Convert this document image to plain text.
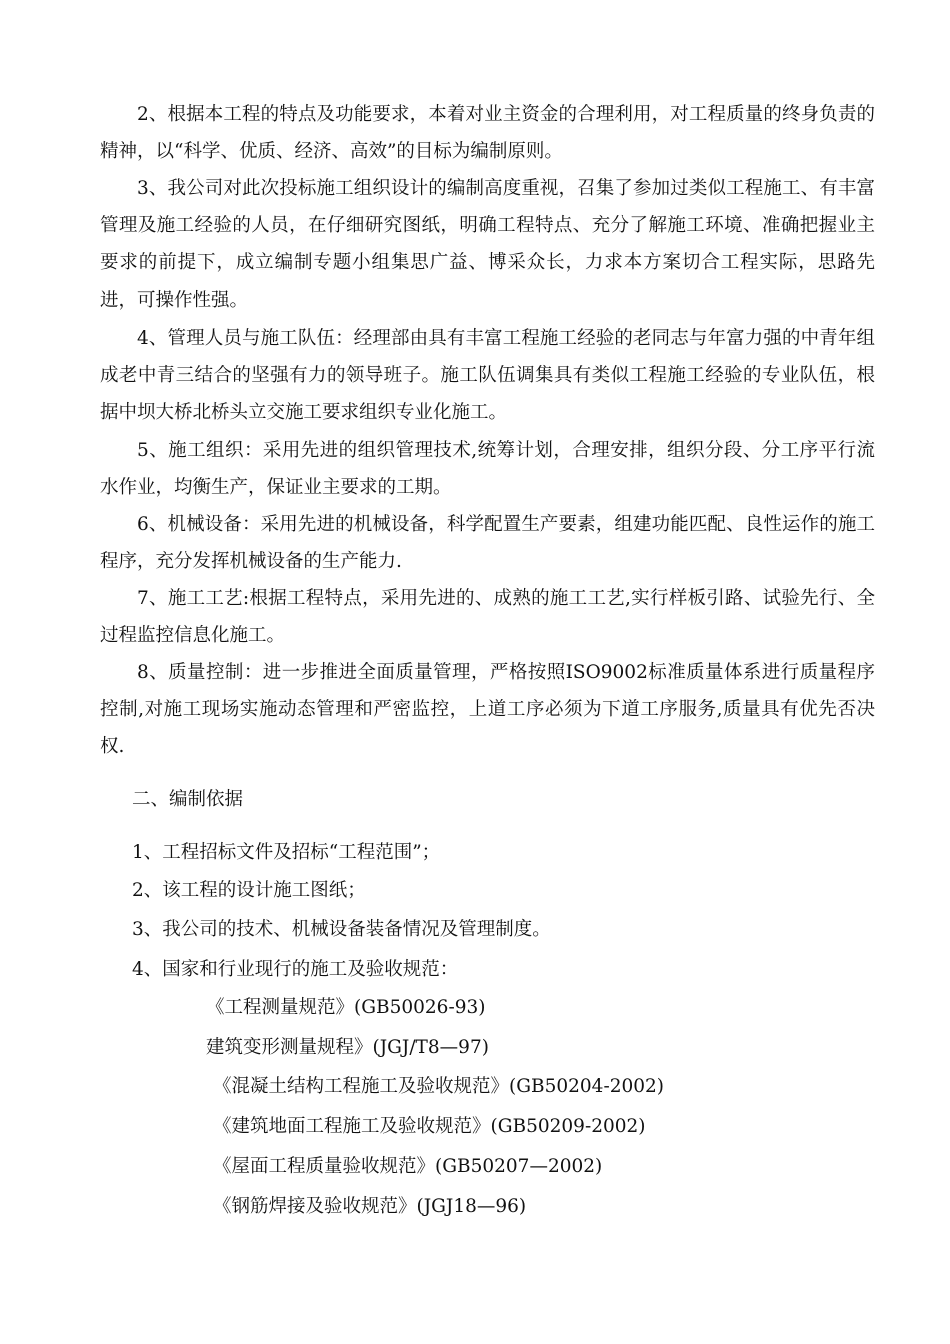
2、根据本工程的特点及功能要求，本着对业主资金的合理利用，对工程质量的终身负责的精神，以“科学、优质、经济、高效”的目标为编制原则。

3、我公司对此次投标施工组织设计的编制高度重视，召集了参加过类似工程施工、有丰富管理及施工经验的人员，在仔细研究图纸，明确工程特点、充分了解施工环境、准确把握业主要求的前提下，成立编制专题小组集思广益、博采众长，力求本方案切合工程实际，思路先进，可操作性强。

4、管理人员与施工队伍：经理部由具有丰富工程施工经验的老同志与年富力强的中青年组成老中青三结合的坚强有力的领导班子。施工队伍调集具有类似工程施工经验的专业队伍，根据中坝大桥北桥头立交施工要求组织专业化施工。

5、施工组织：采用先进的组织管理技术,统筹计划，合理安排，组织分段、分工序平行流水作业，均衡生产，保证业主要求的工期。

6、机械设备：采用先进的机械设备，科学配置生产要素，组建功能匹配、良性运作的施工程序，充分发挥机械设备的生产能力.

7、施工工艺:根据工程特点，采用先进的、成熟的施工工艺,实行样板引路、试验先行、全过程监控信息化施工。

8、质量控制：进一步推进全面质量管理，严格按照ISO9002标准质量体系进行质量程序控制,对施工现场实施动态管理和严密监控，上道工序必须为下道工序服务,质量具有优先否决权.

二、编制依据

1、工程招标文件及招标“工程范围”；

2、该工程的设计施工图纸；

3、我公司的技术、机械设备装备情况及管理制度。

4、国家和行业现行的施工及验收规范：

《工程测量规范》(GB50026-93)

建筑变形测量规程》(JGJ/T8—97)

《混凝土结构工程施工及验收规范》(GB50204-2002)

《建筑地面工程施工及验收规范》(GB50209-2002)

《屋面工程质量验收规范》(GB50207—2002)

《钢筋焊接及验收规范》(JGJ18—96)
